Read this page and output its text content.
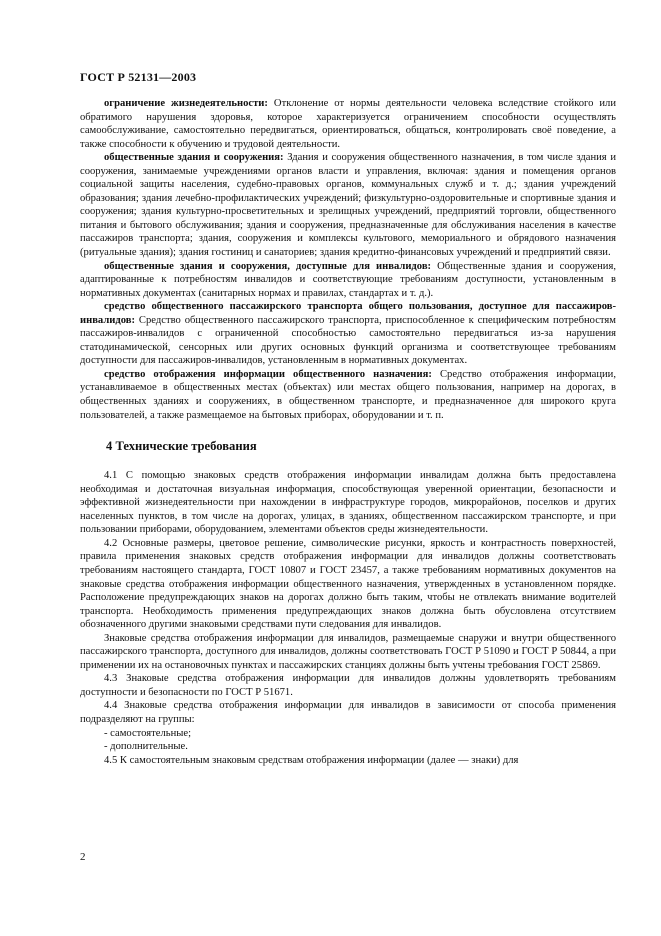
ГОСТ Р 52131—2003

ограничение жизнедеятельности: Отклонение от нормы деятельности человека вследствие стойкого или обратимого нарушения здоровья, которое характеризуется ограничением способности осуществлять самообслуживание, самостоятельно передвигаться, ориентироваться, общаться, контролировать своё поведение, а также способности к обучению и трудовой деятельности.

общественные здания и сооружения: Здания и сооружения общественного назначения, в том числе здания и сооружения, занимаемые учреждениями органов власти и управления, включая: здания и помещения органов социальной защиты населения, судебно-правовых органов, коммунальных служб и т. д.; здания учреждений образования; здания лечебно-профилактических учреждений; физкультурно-оздоровительные и спортивные здания и сооружения; здания культурно-просветительных и зрелищных учреждений, предприятий торговли, общественного питания и бытового обслуживания; здания и сооружения, предназначенные для обслуживания населения в качестве пассажиров транспорта; здания, сооружения и комплексы культового, мемориального и обрядового назначения (ритуальные здания); здания гостиниц и санаториев; здания кредитно-финансовых учреждений и предприятий связи.

общественные здания и сооружения, доступные для инвалидов: Общественные здания и сооружения, адаптированные к потребностям инвалидов и соответствующие требованиям доступности, установленным в нормативных документах (санитарных нормах и правилах, стандартах и т. д.).

средство общественного пассажирского транспорта общего пользования, доступное для пассажиров-инвалидов: Средство общественного пассажирского транспорта, приспособленное к специфическим потребностям пассажиров-инвалидов с ограниченной способностью самостоятельно передвигаться из-за нарушения статодинамической, сенсорных или других основных функций организма и соответствующее требованиям доступности для пассажиров-инвалидов, установленным в нормативных документах.

средство отображения информации общественного назначения: Средство отображения информации, устанавливаемое в общественных местах (объектах) или местах общего пользования, например на дорогах, в общественных зданиях и сооружениях, в общественном транспорте, и предназначенное для широкого круга пользователей, а также размещаемое на бытовых приборах, оборудовании и т. п.

4 Технические требования

4.1 С помощью знаковых средств отображения информации инвалидам должна быть предоставлена необходимая и достаточная визуальная информация, способствующая уверенной ориентации, безопасности и эффективной жизнедеятельности при нахождении в инфраструктуре городов, микрорайонов, поселков и других населенных пунктов, в том числе на дорогах, улицах, в зданиях, общественном пассажирском транспорте, и при пользовании приборами, оборудованием, элементами объектов среды жизнедеятельности.

4.2 Основные размеры, цветовое решение, символические рисунки, яркость и контрастность поверхностей, правила применения знаковых средств отображения информации для инвалидов должны соответствовать требованиям настоящего стандарта, ГОСТ 10807 и ГОСТ 23457, а также требованиям нормативных документов на знаковые средства отображения информации общественного назначения, утвержденных в установленном порядке. Расположение предупреждающих знаков на дорогах должно быть таким, чтобы не отвлекать внимание водителей транспорта. Необходимость применения предупреждающих знаков должна быть обусловлена отсутствием обозначенного другими знаковыми средствами пути следования для инвалидов.

Знаковые средства отображения информации для инвалидов, размещаемые снаружи и внутри общественного пассажирского транспорта, доступного для инвалидов, должны соответствовать ГОСТ Р 51090 и ГОСТ Р 50844, а при применении их на остановочных пунктах и пассажирских станциях должны быть учтены требования ГОСТ 25869.

4.3 Знаковые средства отображения информации для инвалидов должны удовлетворять требованиям доступности и безопасности по ГОСТ Р 51671.

4.4 Знаковые средства отображения информации для инвалидов в зависимости от способа применения подразделяют на группы:

- самостоятельные;

- дополнительные.

4.5 К самостоятельным знаковым средствам отображения информации (далее — знаки) для

2
